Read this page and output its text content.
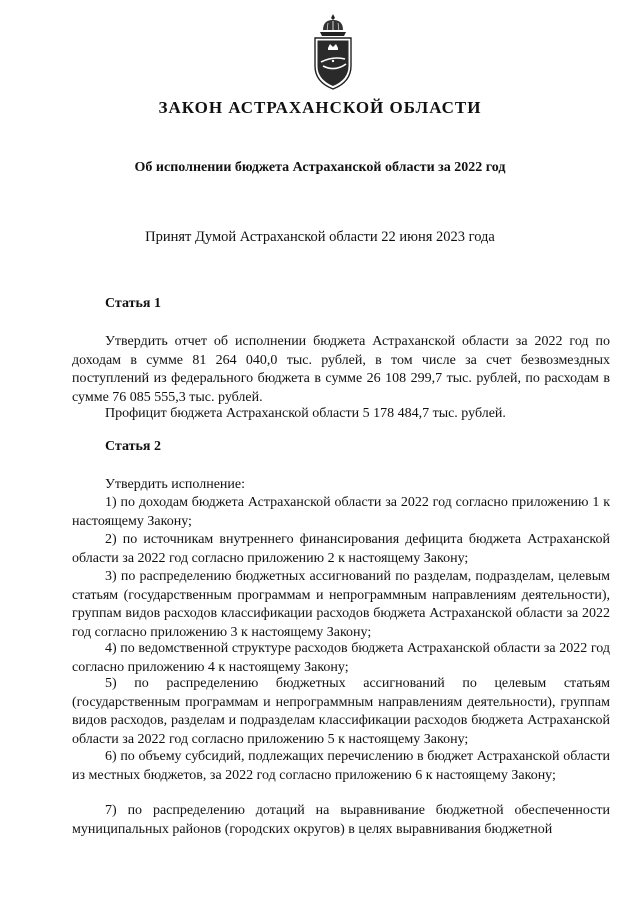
ЗАКОН АСТРАХАНСКОЙ ОБЛАСТИ
Об исполнении бюджета Астраханской области за 2022 год
Принят Думой Астраханской области 22 июня 2023 года
Статья 1

Утвердить отчет об исполнении бюджета Астраханской области за 2022 год по доходам в сумме 81 264 040,0 тыс. рублей, в том числе за счет безвозмездных поступлений из федерального бюджета в сумме 26 108 299,7 тыс. рублей, по расходам в сумме 76 085 555,3 тыс. рублей.

Профицит бюджета Астраханской области 5 178 484,7 тыс. рублей.

Статья 2

Утвердить исполнение:

1) по доходам бюджета Астраханской области за 2022 год согласно приложению 1 к настоящему Закону;

2) по источникам внутреннего финансирования дефицита бюджета Астраханской области за 2022 год согласно приложению 2 к настоящему Закону;

3) по распределению бюджетных ассигнований по разделам, подразделам, целевым статьям (государственным программам и непрограммным направлениям деятельности), группам видов расходов классификации расходов бюджета Астраханской области за 2022 год согласно приложению 3 к настоящему Закону;

4) по ведомственной структуре расходов бюджета Астраханской области за 2022 год согласно приложению 4 к настоящему Закону;

5) по распределению бюджетных ассигнований по целевым статьям (государственным программам и непрограммным направлениям деятельности), группам видов расходов, разделам и подразделам классификации расходов бюджета Астраханской области за 2022 год согласно приложению 5 к настоящему Закону;

6) по объему субсидий, подлежащих перечислению в бюджет Астраханской области из местных бюджетов, за 2022 год согласно приложению 6 к настоящему Закону;

7) по распределению дотаций на выравнивание бюджетной обеспеченности муниципальных районов (городских округов) в целях выравнивания бюджетной
